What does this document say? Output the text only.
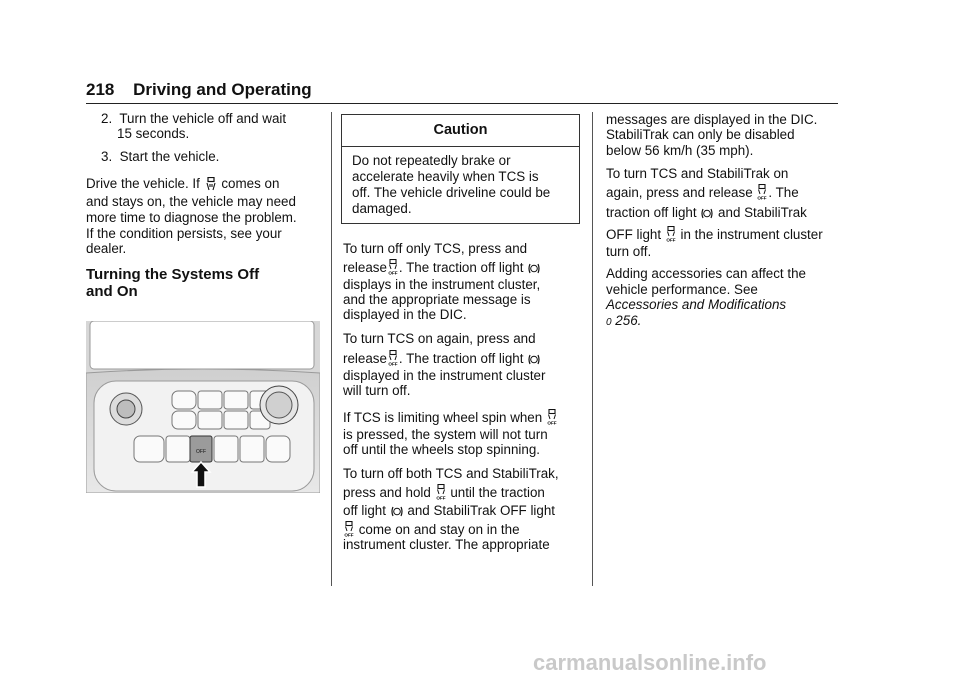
218 Driving and Operating
2. Turn the vehicle off and wait
15 seconds.
3. Start the vehicle.
Drive the vehicle. If comes on
and stays on, the vehicle may need
more time to diagnose the problem.
If the condition persists, see your
dealer.
Turning the Systems Off
and On
OFF
Caution
Do not repeatedly brake or
accelerate heavily when TCS is
off. The vehicle driveline could be
damaged.
To turn off only TCS, press and
release OFF . The traction off light
displays in the instrument cluster,
and the appropriate message is
displayed in the DIC.
To turn TCS on again, press and
release OFF . The traction off light
displayed in the instrument cluster
will turn off.
If TCS is limiting wheel spin when OFF
is pressed, the system will not turn
off until the wheels stop spinning.
To turn off both TCS and StabiliTrak,
press and hold OFF until the traction
off light and StabiliTrak OFF light
OFF come on and stay on in the
instrument cluster. The appropriate
messages are displayed in the DIC.
StabiliTrak can only be disabled
below 56 km/h (35 mph).
To turn TCS and StabiliTrak on
again, press and release OFF . The
traction off light and StabiliTrak
OFF light OFF in the instrument cluster
turn off.
Adding accessories can affect the
vehicle performance. See
Accessories and Modifications
0 256.
carmanualsonline.info
